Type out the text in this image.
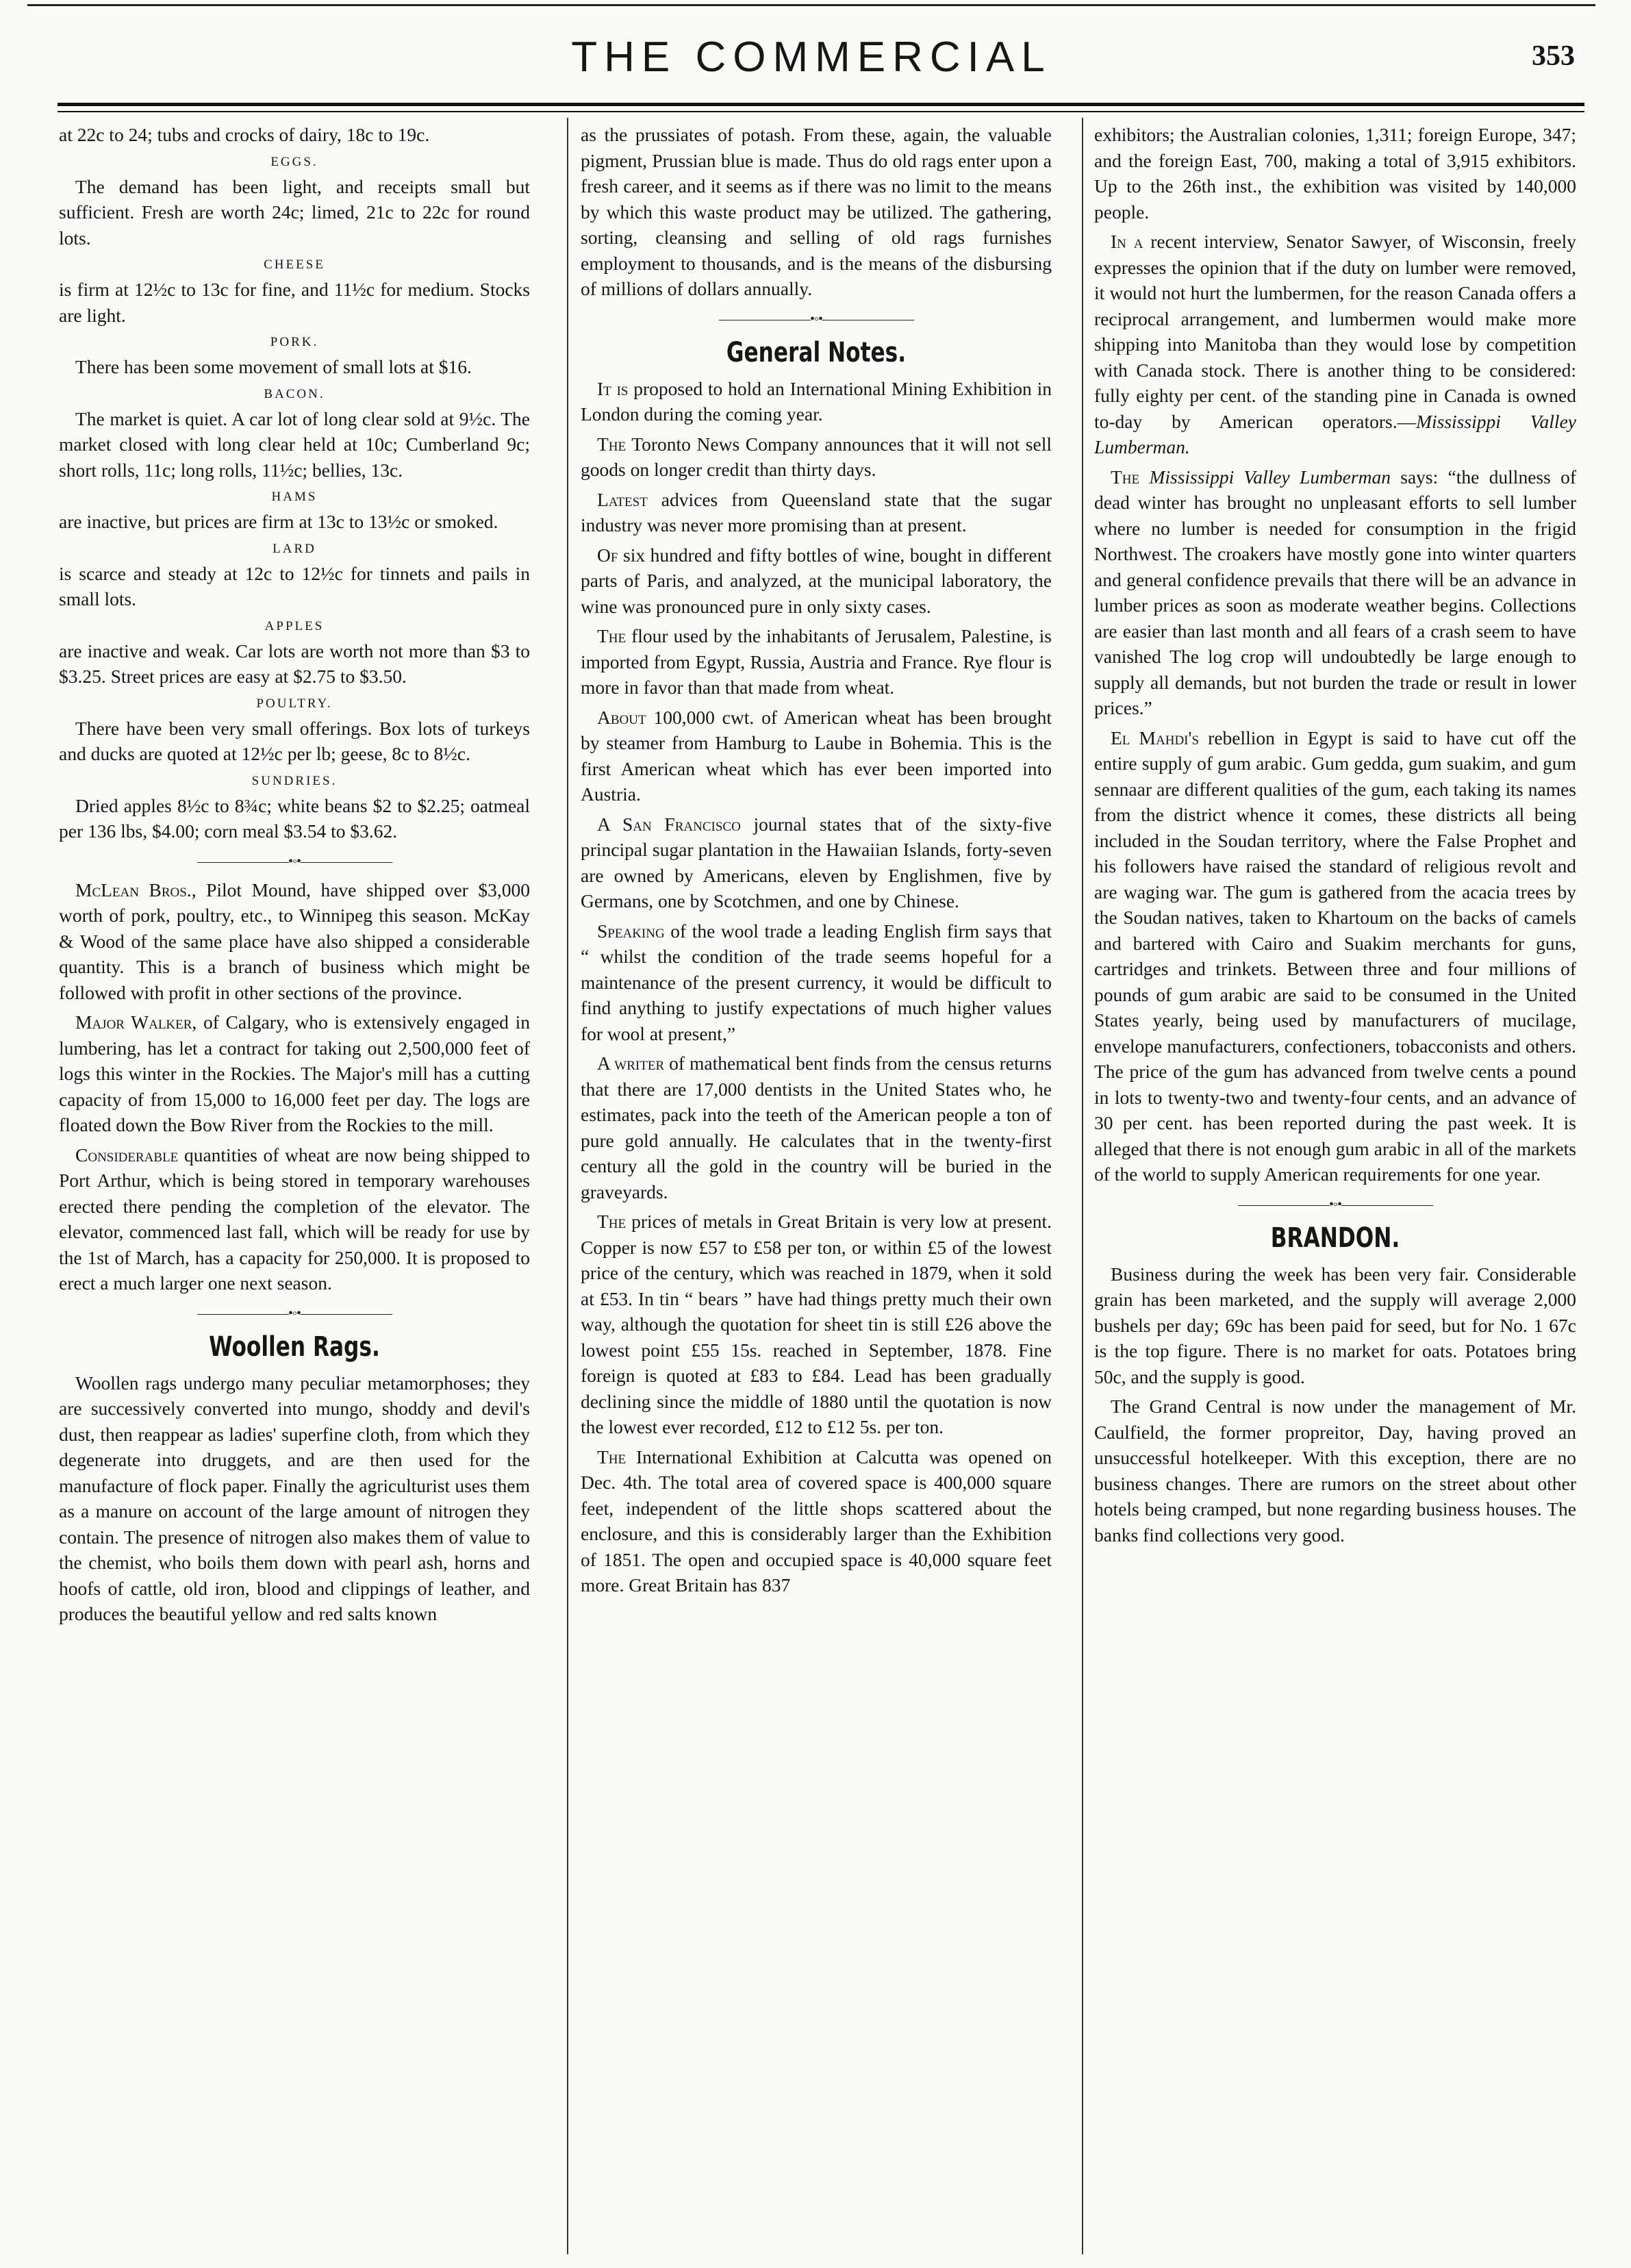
THE COMMERCIAL	353

at 22c to 24; tubs and crocks of dairy, 18c to 19c.

EGGS.

The demand has been light, and receipts small but sufficient. Fresh are worth 24c; limed, 21c to 22c for round lots.

CHEESE

is firm at 12½c to 13c for fine, and 11½c for medium. Stocks are light.

PORK.

There has been some movement of small lots at $16.

BACON.

The market is quiet. A car lot of long clear sold at 9½c. The market closed with long clear held at 10c; Cumberland 9c; short rolls, 11c; long rolls, 11½c; bellies, 13c.

HAMS

are inactive, but prices are firm at 13c to 13½c or smoked.

LARD

is scarce and steady at 12c to 12½c for tinnets and pails in small lots.

APPLES

are inactive and weak. Car lots are worth not more than $3 to $3.25. Street prices are easy at $2.75 to $3.50.

POULTRY.

There have been very small offerings. Box lots of turkeys and ducks are quoted at 12½c per lb; geese, 8c to 8½c.

SUNDRIES.

Dried apples 8½c to 8¾c; white beans $2 to $2.25; oatmeal per 136 lbs, $4.00; corn meal $3.54 to $3.62.

———————•◦•———————

McLean Bros., Pilot Mound, have shipped over $3,000 worth of pork, poultry, etc., to Winnipeg this season. McKay & Wood of the same place have also shipped a considerable quantity. This is a branch of business which might be followed with profit in other sections of the province.

Major Walker, of Calgary, who is extensively engaged in lumbering, has let a contract for taking out 2,500,000 feet of logs this winter in the Rockies. The Major's mill has a cutting capacity of from 15,000 to 16,000 feet per day. The logs are floated down the Bow River from the Rockies to the mill.

Considerable quantities of wheat are now being shipped to Port Arthur, which is being stored in temporary warehouses erected there pending the completion of the elevator. The elevator, commenced last fall, which will be ready for use by the 1st of March, has a capacity for 250,000. It is proposed to erect a much larger one next season.

———————•◦•———————
Woollen Rags.

Woollen rags undergo many peculiar metamorphoses; they are successively converted into mungo, shoddy and devil's dust, then reappear as ladies' superfine cloth, from which they degenerate into druggets, and are then used for the manufacture of flock paper. Finally the agriculturist uses them as a manure on account of the large amount of nitrogen they contain. The presence of nitrogen also makes them of value to the chemist, who boils them down with pearl ash, horns and hoofs of cattle, old iron, blood and clippings of leather, and produces the beautiful yellow and red salts known

as the prussiates of potash. From these, again, the valuable pigment, Prussian blue is made. Thus do old rags enter upon a fresh career, and it seems as if there was no limit to the means by which this waste product may be utilized. The gathering, sorting, cleansing and selling of old rags furnishes employment to thousands, and is the means of the disbursing of millions of dollars annually.

———————•◦•———————
General Notes.

It is proposed to hold an International Mining Exhibition in London during the coming year.

The Toronto News Company announces that it will not sell goods on longer credit than thirty days.

Latest advices from Queensland state that the sugar industry was never more promising than at present.

Of six hundred and fifty bottles of wine, bought in different parts of Paris, and analyzed, at the municipal laboratory, the wine was pronounced pure in only sixty cases.

The flour used by the inhabitants of Jerusalem, Palestine, is imported from Egypt, Russia, Austria and France. Rye flour is more in favor than that made from wheat.

About 100,000 cwt. of American wheat has been brought by steamer from Hamburg to Laube in Bohemia. This is the first American wheat which has ever been imported into Austria.

A San Francisco journal states that of the sixty-five principal sugar plantation in the Hawaiian Islands, forty-seven are owned by Americans, eleven by Englishmen, five by Germans, one by Scotchmen, and one by Chinese.

Speaking of the wool trade a leading English firm says that “ whilst the condition of the trade seems hopeful for a maintenance of the present currency, it would be difficult to find anything to justify expectations of much higher values for wool at present,”

A writer of mathematical bent finds from the census returns that there are 17,000 dentists in the United States who, he estimates, pack into the teeth of the American people a ton of pure gold annually. He calculates that in the twenty-first century all the gold in the country will be buried in the graveyards.

The prices of metals in Great Britain is very low at present. Copper is now £57 to £58 per ton, or within £5 of the lowest price of the century, which was reached in 1879, when it sold at £53. In tin “ bears ” have had things pretty much their own way, although the quotation for sheet tin is still £26 above the lowest point £55 15s. reached in September, 1878. Fine foreign is quoted at £83 to £84. Lead has been gradually declining since the middle of 1880 until the quotation is now the lowest ever recorded, £12 to £12 5s. per ton.

The International Exhibition at Calcutta was opened on Dec. 4th. The total area of covered space is 400,000 square feet, independent of the little shops scattered about the enclosure, and this is considerably larger than the Exhibition of 1851. The open and occupied space is 40,000 square feet more. Great Britain has 837

exhibitors; the Australian colonies, 1,311; foreign Europe, 347; and the foreign East, 700, making a total of 3,915 exhibitors. Up to the 26th inst., the exhibition was visited by 140,000 people.

In a recent interview, Senator Sawyer, of Wisconsin, freely expresses the opinion that if the duty on lumber were removed, it would not hurt the lumbermen, for the reason Canada offers a reciprocal arrangement, and lumbermen would make more shipping into Manitoba than they would lose by competition with Canada stock. There is another thing to be considered: fully eighty per cent. of the standing pine in Canada is owned to-day by American operators.—Mississippi Valley Lumberman.

The Mississippi Valley Lumberman says: “the dullness of dead winter has brought no unpleasant efforts to sell lumber where no lumber is needed for consumption in the frigid Northwest. The croakers have mostly gone into winter quarters and general confidence prevails that there will be an advance in lumber prices as soon as moderate weather begins. Collections are easier than last month and all fears of a crash seem to have vanished The log crop will undoubtedly be large enough to supply all demands, but not burden the trade or result in lower prices.”

El Mahdi's rebellion in Egypt is said to have cut off the entire supply of gum arabic. Gum gedda, gum suakim, and gum sennaar are different qualities of the gum, each taking its names from the district whence it comes, these districts all being included in the Soudan territory, where the False Prophet and his followers have raised the standard of religious revolt and are waging war. The gum is gathered from the acacia trees by the Soudan natives, taken to Khartoum on the backs of camels and bartered with Cairo and Suakim merchants for guns, cartridges and trinkets. Between three and four millions of pounds of gum arabic are said to be consumed in the United States yearly, being used by manufacturers of mucilage, envelope manufacturers, confectioners, tobacconists and others. The price of the gum has advanced from twelve cents a pound in lots to twenty-two and twenty-four cents, and an advance of 30 per cent. has been reported during the past week. It is alleged that there is not enough gum arabic in all of the markets of the world to supply American requirements for one year.

———————•◦•———————
BRANDON.

Business during the week has been very fair. Considerable grain has been marketed, and the supply will average 2,000 bushels per day; 69c has been paid for seed, but for No. 1 67c is the top figure. There is no market for oats. Potatoes bring 50c, and the supply is good.

The Grand Central is now under the management of Mr. Caulfield, the former propreitor, Day, having proved an unsuccessful hotelkeeper. With this exception, there are no business changes. There are rumors on the street about other hotels being cramped, but none regarding business houses. The banks find collections very good.
